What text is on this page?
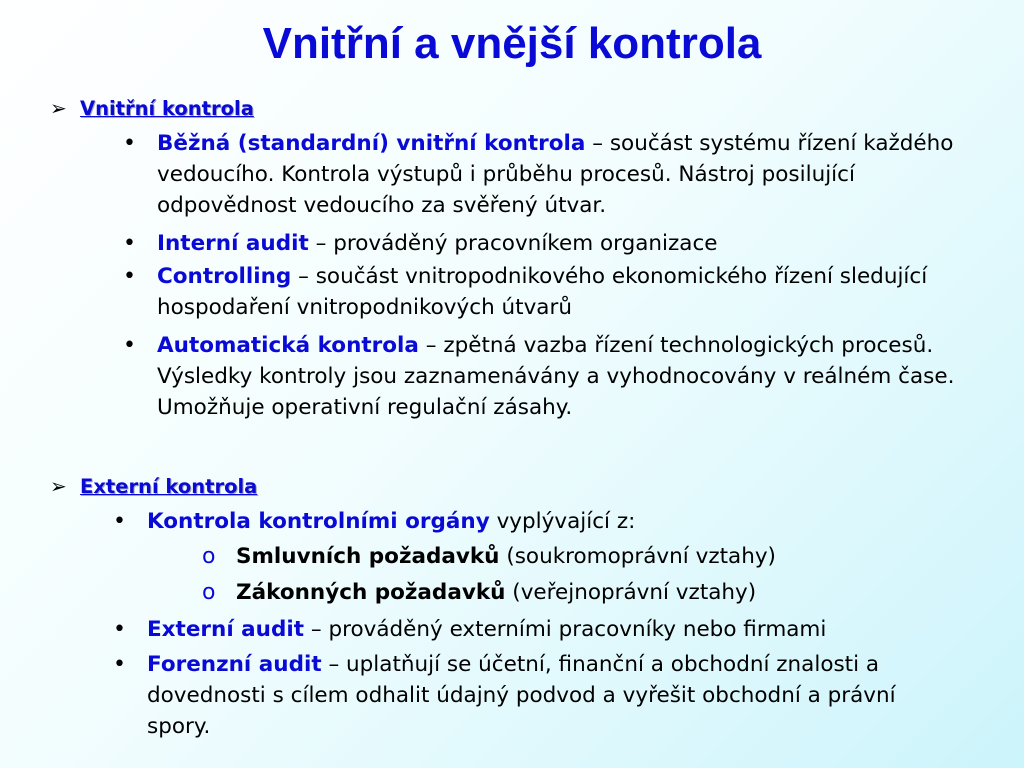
Vnitřní a vnější kontrola
➢ Vnitřní kontrola
• Běžná (standardní) vnitřní kontrola – součást systému řízení každého vedoucího. Kontrola výstupů i průběhu procesů. Nástroj posilující odpovědnost vedoucího za svěřený útvar.
• Interní audit – prováděný pracovníkem organizace
• Controlling – součást vnitropodnikového ekonomického řízení sledující hospodaření vnitropodnikových útvarů
• Automatická kontrola – zpětná vazba řízení technologických procesů. Výsledky kontroly jsou zaznamenávány a vyhodnocovány v reálném čase. Umožňuje operativní regulační zásahy.
➢ Externí kontrola
• Kontrola kontrolními orgány vyplývající z:
o Smluvních požadavků (soukromoprávní vztahy)
o Zákonných požadavků (veřejnoprávní vztahy)
• Externí audit – prováděný externími pracovníky nebo firmami
• Forenzní audit – uplatňují se účetní, finanční a obchodní znalosti a dovednosti s cílem odhalit údajný podvod a vyřešit obchodní a právní spory.
